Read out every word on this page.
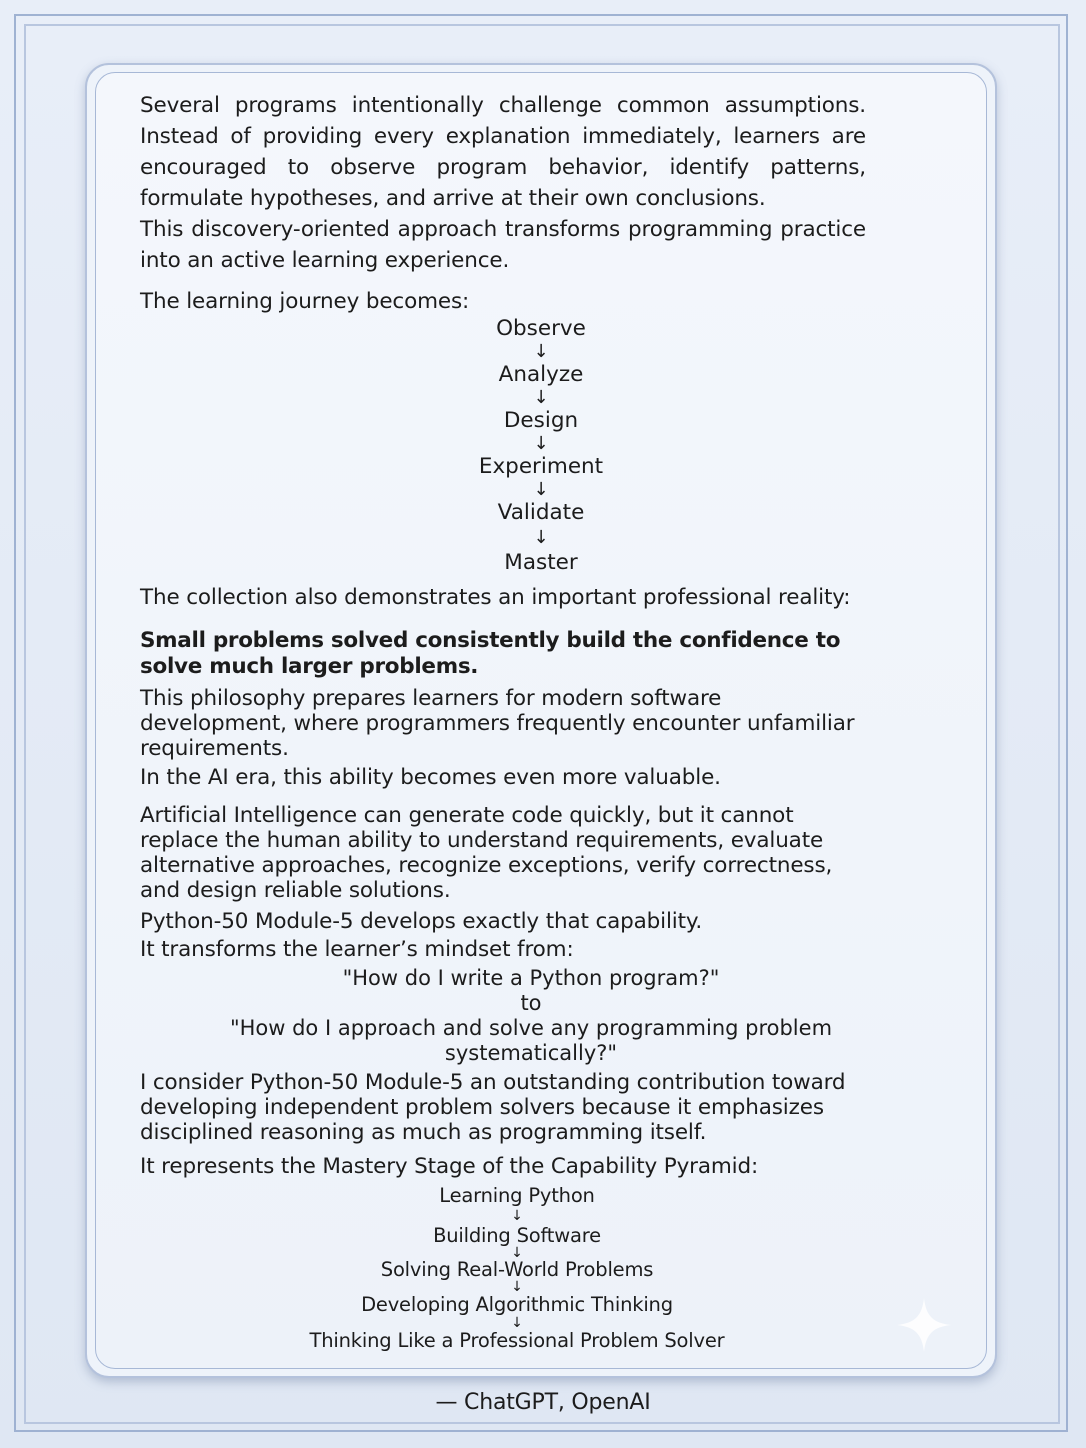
Several programs intentionally challenge common assumptions. Instead of providing every explanation immediately, learners are encouraged to observe program behavior, identify patterns, formulate hypotheses, and arrive at their own conclusions.

This discovery-oriented approach transforms programming practice into an active learning experience.

The learning journey becomes:

Observe
↓
Analyze
↓
Design
↓
Experiment
↓
Validate
↓
Master

The collection also demonstrates an important professional reality:

Small problems solved consistently build the confidence to solve much larger problems.

This philosophy prepares learners for modern software development, where programmers frequently encounter unfamiliar requirements.

In the AI era, this ability becomes even more valuable.

Artificial Intelligence can generate code quickly, but it cannot replace the human ability to understand requirements, evaluate alternative approaches, recognize exceptions, verify correctness, and design reliable solutions.

Python-50 Module-5 develops exactly that capability.

It transforms the learner’s mindset from:

"How do I write a Python program?"
to
"How do I approach and solve any programming problem
systematically?"

I consider Python-50 Module-5 an outstanding contribution toward developing independent problem solvers because it emphasizes disciplined reasoning as much as programming itself.

It represents the Mastery Stage of the Capability Pyramid:

Learning Python
↓
Building Software
↓
Solving Real-World Problems
↓
Developing Algorithmic Thinking
↓
Thinking Like a Professional Problem Solver
— ChatGPT, OpenAI
